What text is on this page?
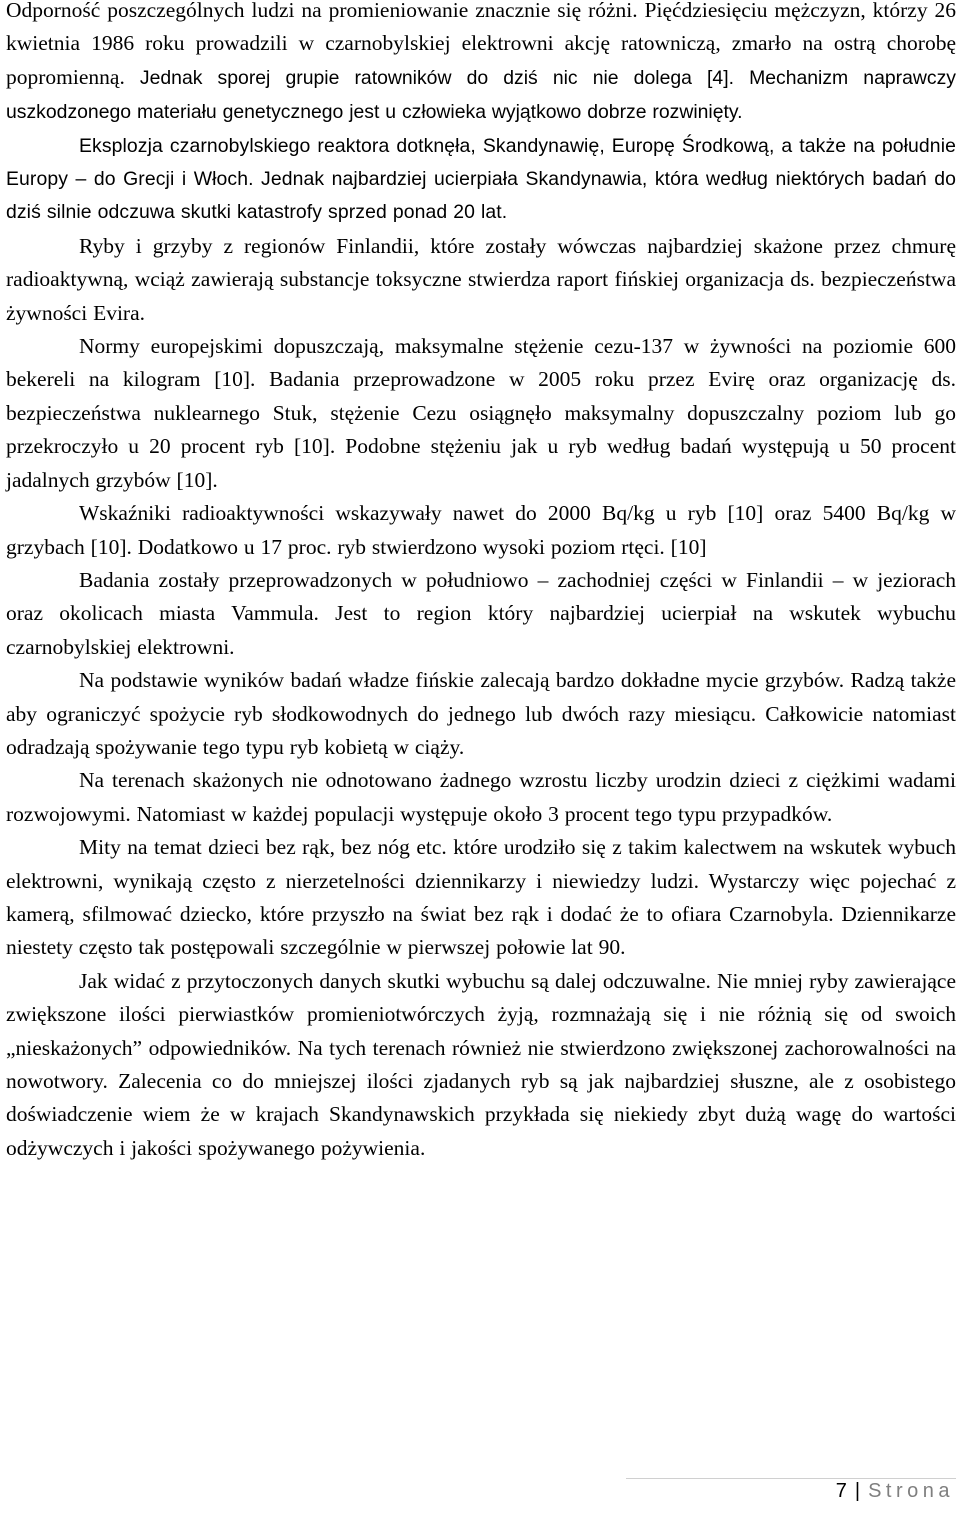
Odporność poszczególnych ludzi na promieniowanie znacznie się różni. Pięćdziesięciu mężczyzn, którzy 26 kwietnia 1986 roku prowadzili w czarnobylskiej elektrowni akcję ratowniczą, zmarło na ostrą chorobę popromienną. Jednak sporej grupie ratowników do dziś nic nie dolega [4]. Mechanizm naprawczy uszkodzonego materiału genetycznego jest u człowieka wyjątkowo dobrze rozwinięty.

Eksplozja czarnobylskiego reaktora dotknęła, Skandynawię, Europę Środkową, a także na południe Europy – do Grecji i Włoch. Jednak najbardziej ucierpiała Skandynawia, która według niektórych badań do dziś silnie odczuwa skutki katastrofy sprzed ponad 20 lat.

Ryby i grzyby z regionów Finlandii, które zostały wówczas najbardziej skażone przez chmurę radioaktywną, wciąż zawierają substancje toksyczne stwierdza raport fińskiej organizacja ds. bezpieczeństwa żywności Evira.

Normy europejskimi dopuszczają, maksymalne stężenie cezu-137 w żywności na poziomie 600 bekereli na kilogram [10]. Badania przeprowadzone w 2005 roku przez Evirę oraz organizację ds. bezpieczeństwa nuklearnego Stuk, stężenie Cezu osiągnęło maksymalny dopuszczalny poziom lub go przekroczyło u 20 procent ryb [10]. Podobne stężeniu jak u ryb według badań występują u 50 procent jadalnych grzybów [10].

Wskaźniki radioaktywności wskazywały nawet do 2000 Bq/kg u ryb [10] oraz 5400 Bq/kg w grzybach [10]. Dodatkowo u 17 proc. ryb stwierdzono wysoki poziom rtęci. [10]

Badania zostały przeprowadzonych w południowo – zachodniej części w Finlandii – w jeziorach oraz okolicach miasta Vammula. Jest to region który najbardziej ucierpiał na wskutek wybuchu czarnobylskiej elektrowni.

Na podstawie wyników badań władze fińskie zalecają bardzo dokładne mycie grzybów. Radzą także aby ograniczyć spożycie ryb słodkowodnych do jednego lub dwóch razy miesiącu. Całkowicie natomiast odradzają spożywanie tego typu ryb kobietą w ciąży.

Na terenach skażonych nie odnotowano żadnego wzrostu liczby urodzin dzieci z ciężkimi wadami rozwojowymi. Natomiast w każdej populacji występuje około 3 procent tego typu przypadków.

Mity na temat dzieci bez rąk, bez nóg etc. które urodziło się z takim kalectwem na wskutek wybuch elektrowni, wynikają często z nierzetelności dziennikarzy i niewiedzy ludzi. Wystarczy więc pojechać z kamerą, sfilmować dziecko, które przyszło na świat bez rąk i dodać że to ofiara Czarnobyla. Dziennikarze niestety często tak postępowali szczególnie w pierwszej połowie lat 90.

Jak widać z przytoczonych danych skutki wybuchu są dalej odczuwalne. Nie mniej ryby zawierające zwiększone ilości pierwiastków promieniotwórczych żyją, rozmnażają się i nie różnią się od swoich „nieskażonych” odpowiedników. Na tych terenach również nie stwierdzono zwiększonej zachorowalności na nowotwory. Zalecenia co do mniejszej ilości zjadanych ryb są jak najbardziej słuszne, ale z osobistego doświadczenie wiem że w krajach Skandynawskich przykłada się niekiedy zbyt dużą wagę do wartości odżywczych i jakości spożywanego pożywienia.

7 | Strona
